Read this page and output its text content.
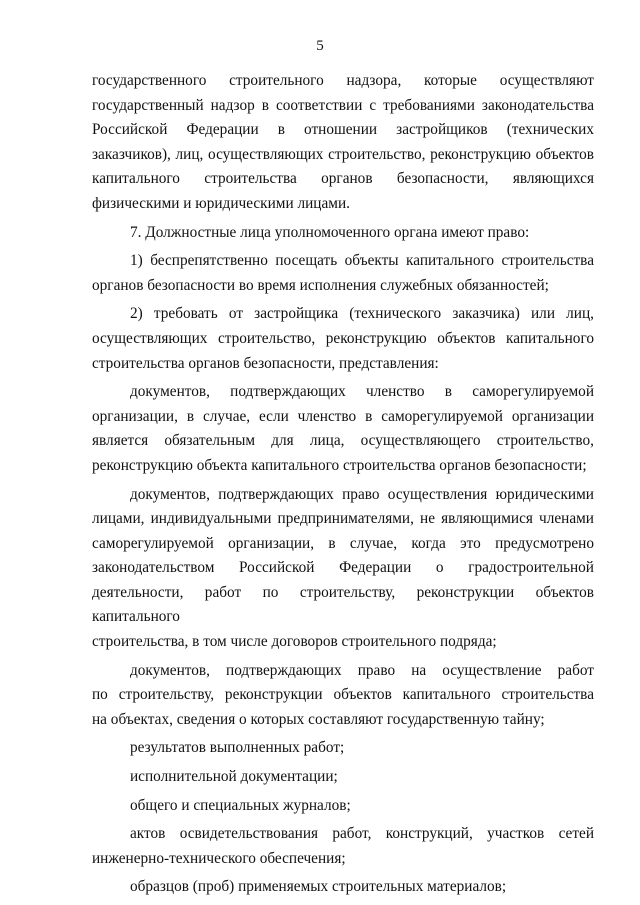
5

государственного строительного надзора, которые осуществляют

государственный надзор в соответствии с требованиями законодательства

Российской Федерации в отношении застройщиков (технических

заказчиков), лиц, осуществляющих строительство, реконструкцию объектов

капитального строительства органов безопасности, являющихся

физическими и юридическими лицами.

7. Должностные лица уполномоченного органа имеют право:

1) беспрепятственно посещать объекты капитального строительства

органов безопасности во время исполнения служебных обязанностей;

2) требовать от застройщика (технического заказчика) или лиц,

осуществляющих строительство, реконструкцию объектов капитального

строительства органов безопасности, представления:

документов, подтверждающих членство в саморегулируемой

организации, в случае, если членство в саморегулируемой организации

является обязательным для лица, осуществляющего строительство,

реконструкцию объекта капитального строительства органов безопасности;

документов, подтверждающих право осуществления юридическими

лицами, индивидуальными предпринимателями, не являющимися членами

саморегулируемой организации, в случае, когда это предусмотрено

законодательством Российской Федерации о градостроительной

деятельности, работ по строительству, реконструкции объектов капитального

строительства, в том числе договоров строительного подряда;

документов, подтверждающих право на осуществление работ

по строительству, реконструкции объектов капитального строительства

на объектах, сведения о которых составляют государственную тайну;

результатов выполненных работ;

исполнительной документации;

общего и специальных журналов;

актов освидетельствования работ, конструкций, участков сетей

инженерно-технического обеспечения;

образцов (проб) применяемых строительных материалов;
